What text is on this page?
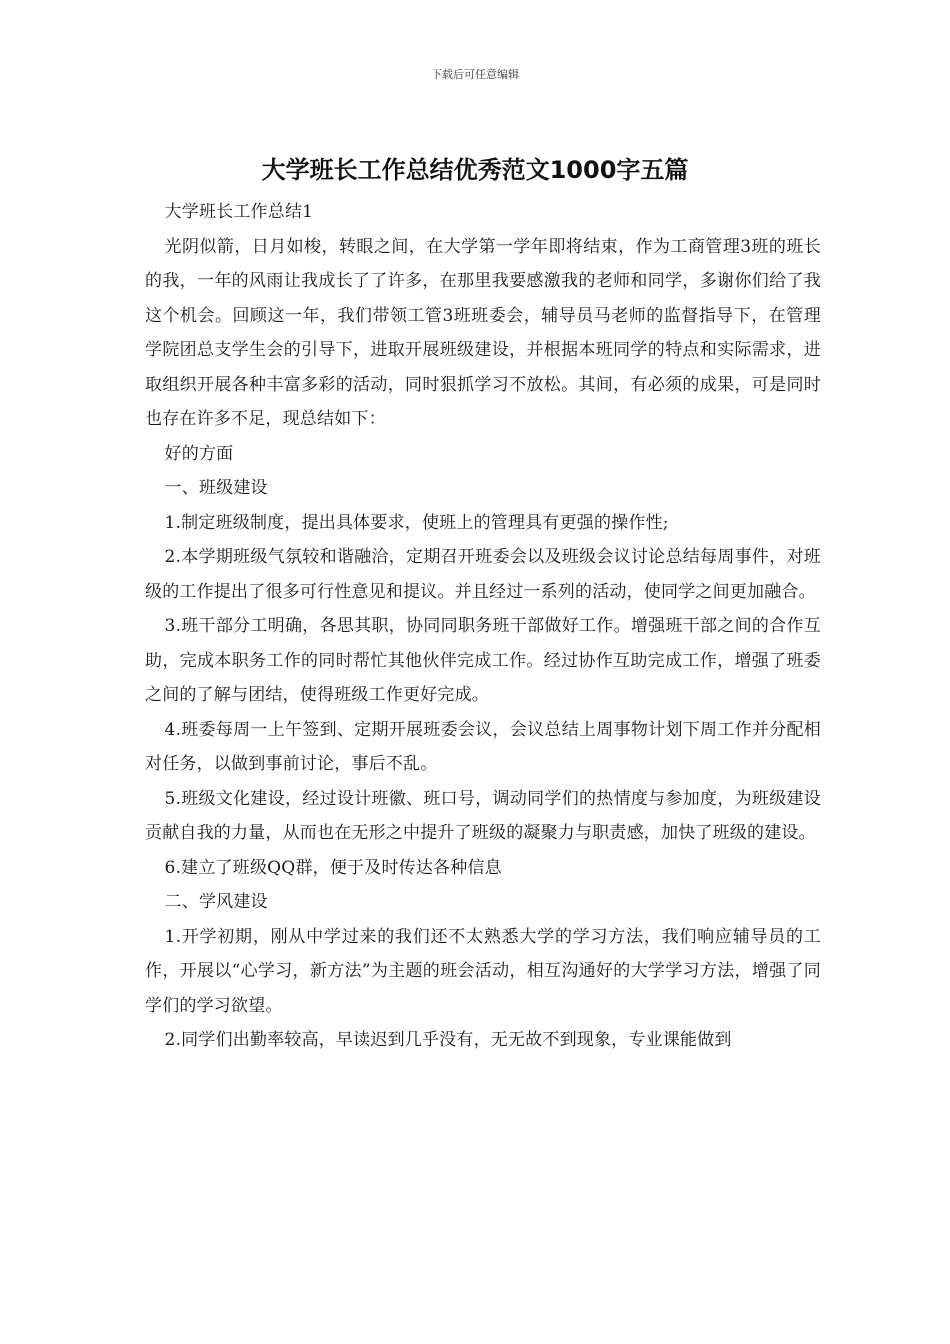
下载后可任意编辑
大学班长工作总结优秀范文1000字五篇

大学班长工作总结1

光阴似箭，日月如梭，转眼之间，在大学第一学年即将结束，作为工商管理3班的班长的我，一年的风雨让我成长了了许多，在那里我要感激我的老师和同学，多谢你们给了我这个机会。回顾这一年，我们带领工管3班班委会，辅导员马老师的监督指导下，在管理学院团总支学生会的引导下，进取开展班级建设，并根据本班同学的特点和实际需求，进取组织开展各种丰富多彩的活动，同时狠抓学习不放松。其间，有必须的成果，可是同时也存在许多不足，现总结如下：

好的方面

一、班级建设

1.制定班级制度，提出具体要求，使班上的管理具有更强的操作性;

2.本学期班级气氛较和谐融洽，定期召开班委会以及班级会议讨论总结每周事件，对班级的工作提出了很多可行性意见和提议。并且经过一系列的活动，使同学之间更加融合。

3.班干部分工明确，各思其职，协同同职务班干部做好工作。增强班干部之间的合作互助，完成本职务工作的同时帮忙其他伙伴完成工作。经过协作互助完成工作，增强了班委之间的了解与团结，使得班级工作更好完成。

4.班委每周一上午签到、定期开展班委会议，会议总结上周事物计划下周工作并分配相对任务，以做到事前讨论，事后不乱。

5.班级文化建设，经过设计班徽、班口号，调动同学们的热情度与参加度，为班级建设贡献自我的力量，从而也在无形之中提升了班级的凝聚力与职责感，加快了班级的建设。

6.建立了班级QQ群，便于及时传达各种信息

二、学风建设

1.开学初期，刚从中学过来的我们还不太熟悉大学的学习方法，我们响应辅导员的工作，开展以“心学习，新方法”为主题的班会活动，相互沟通好的大学学习方法，增强了同学们的学习欲望。

2.同学们出勤率较高，早读迟到几乎没有，无无故不到现象，专业课能做到
